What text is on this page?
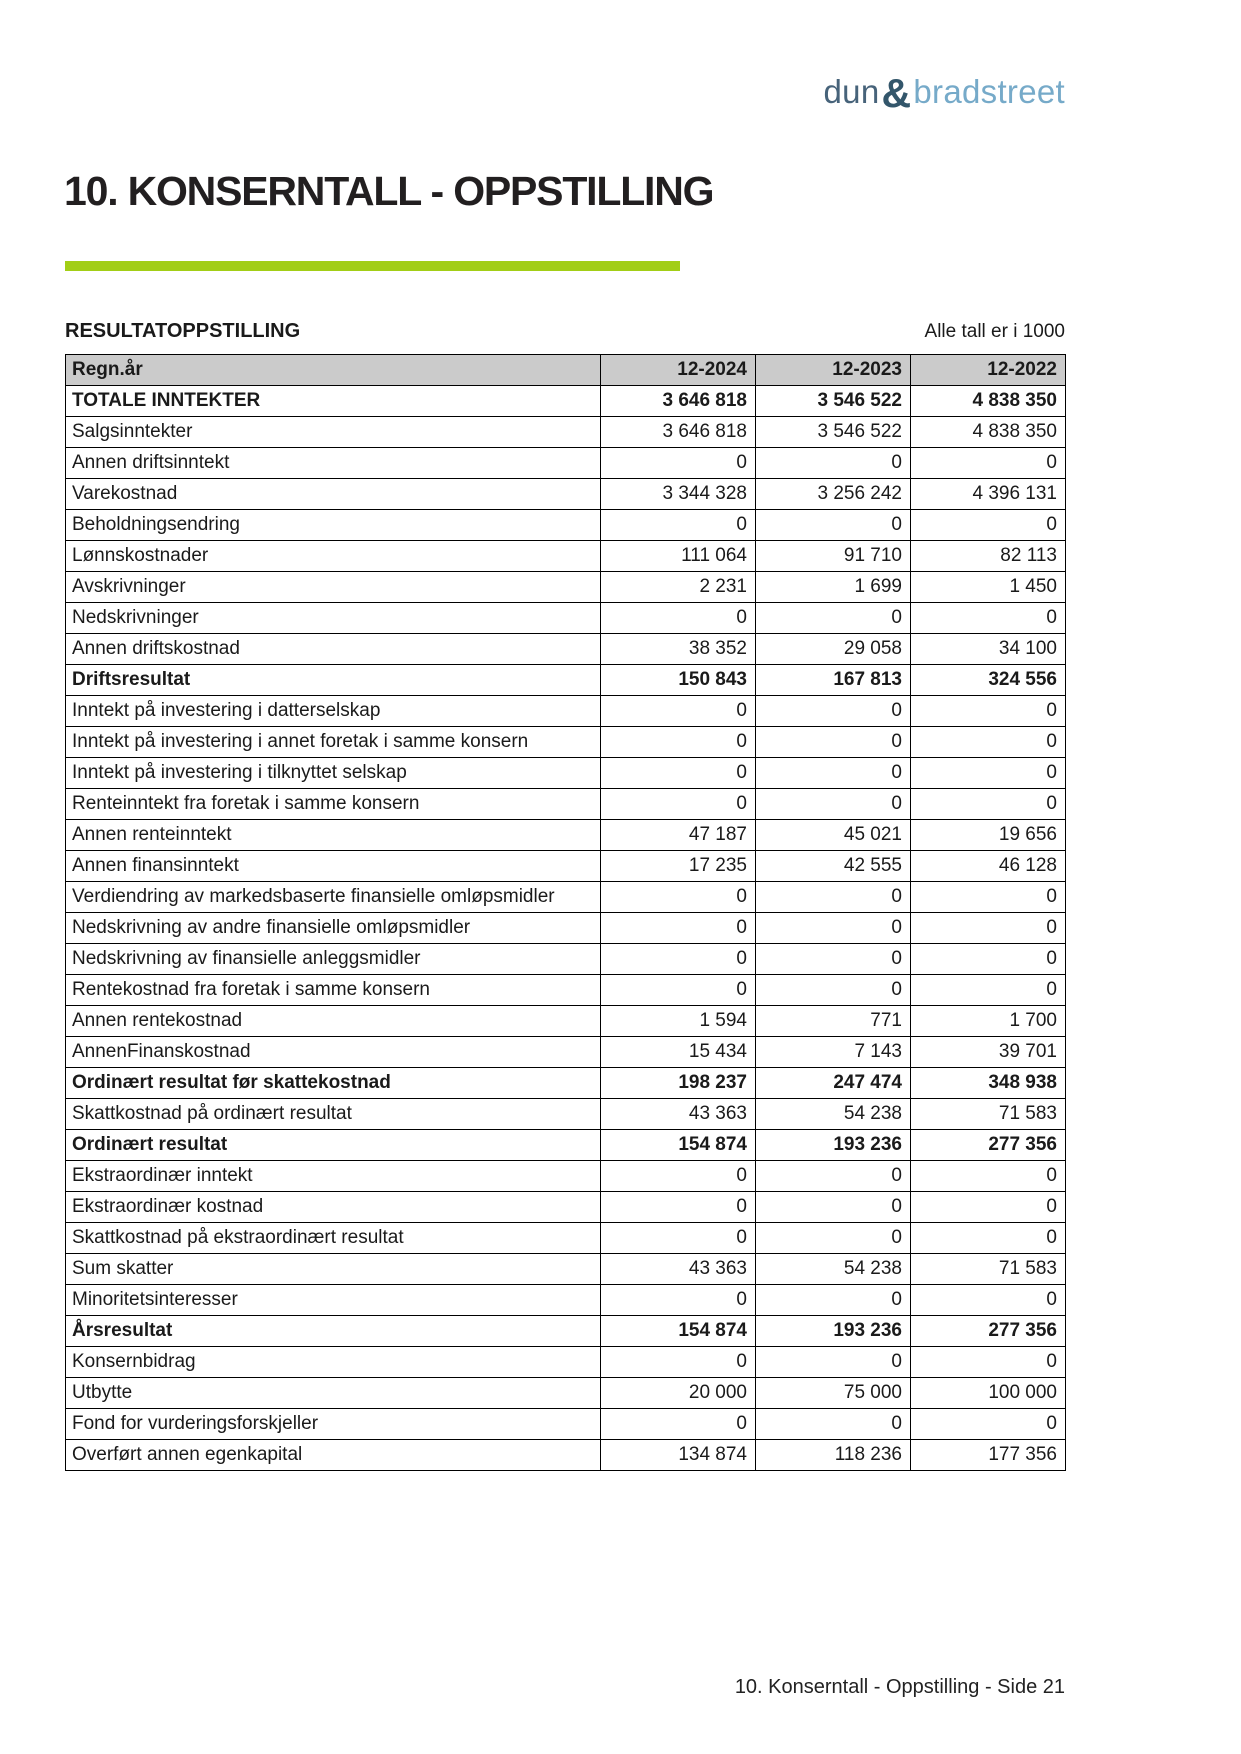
dun&bradstreet
10. KONSERNTALL - OPPSTILLING
RESULTATOPPSTILLING	Alle tall er i 1000
Regn.år	12-2024	12-2023	12-2022
TOTALE INNTEKTER	3 646 818	3 546 522	4 838 350
Salgsinntekter	3 646 818	3 546 522	4 838 350
Annen driftsinntekt	0	0	0
Varekostnad	3 344 328	3 256 242	4 396 131
Beholdningsendring	0	0	0
Lønnskostnader	111 064	91 710	82 113
Avskrivninger	2 231	1 699	1 450
Nedskrivninger	0	0	0
Annen driftskostnad	38 352	29 058	34 100
Driftsresultat	150 843	167 813	324 556
Inntekt på investering i datterselskap	0	0	0
Inntekt på investering i annet foretak i samme konsern	0	0	0
Inntekt på investering i tilknyttet selskap	0	0	0
Renteinntekt fra foretak i samme konsern	0	0	0
Annen renteinntekt	47 187	45 021	19 656
Annen finansinntekt	17 235	42 555	46 128
Verdiendring av markedsbaserte finansielle omløpsmidler	0	0	0
Nedskrivning av andre finansielle omløpsmidler	0	0	0
Nedskrivning av finansielle anleggsmidler	0	0	0
Rentekostnad fra foretak i samme konsern	0	0	0
Annen rentekostnad	1 594	771	1 700
AnnenFinanskostnad	15 434	7 143	39 701
Ordinært resultat før skattekostnad	198 237	247 474	348 938
Skattkostnad på ordinært resultat	43 363	54 238	71 583
Ordinært resultat	154 874	193 236	277 356
Ekstraordinær inntekt	0	0	0
Ekstraordinær kostnad	0	0	0
Skattkostnad på ekstraordinært resultat	0	0	0
Sum skatter	43 363	54 238	71 583
Minoritetsinteresser	0	0	0
Årsresultat	154 874	193 236	277 356
Konsernbidrag	0	0	0
Utbytte	20 000	75 000	100 000
Fond for vurderingsforskjeller	0	0	0
Overført annen egenkapital	134 874	118 236	177 356
10. Konserntall - Oppstilling - Side 21
